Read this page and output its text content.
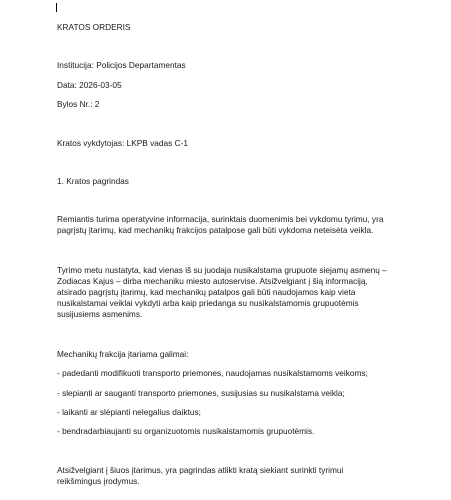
KRATOS ORDERIS
Institucija: Policijos Departamentas
Data: 2026-03-05
Bylos Nr.: 2
Kratos vykdytojas: LKPB vadas C-1
1. Kratos pagrindas
Remiantis turima operatyvine informacija, surinktais duomenimis bei vykdomu tyrimu, yra
pagrįstų įtarimų, kad mechanikų frakcijos patalpose gali būti vykdoma neteisėta veikla.
Tyrimo metu nustatyta, kad vienas iš su juodaja nusikalstama grupuote siejamų asmenų –
Zodiacas Kajus – dirba mechaniku miesto autoservise. Atsižvelgiant į šią informaciją,
atsirado pagrįstų įtarimų, kad mechanikų patalpos gali būti naudojamos kaip vieta
nusikalstamai veiklai vykdyti arba kaip priedanga su nusikalstamomis grupuotėmis
susijusiems asmenims.
Mechanikų frakcija įtariama galimai:
- padedanti modifikuoti transporto priemones, naudojamas nusikalstamoms veikoms;
- slepianti ar sauganti transporto priemones, susijusias su nusikalstama veikla;
- laikanti ar slėpianti nelegalius daiktus;
- bendradarbiaujanti su organizuotomis nusikalstamomis grupuotėmis.
Atsižvelgiant į šiuos įtarimus, yra pagrindas atlikti kratą siekiant surinkti tyrimui
reikšmingus įrodymus.
